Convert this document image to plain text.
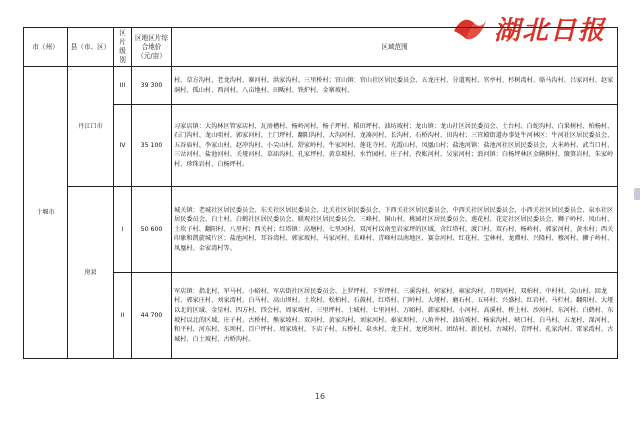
湖北日报
市（州）	县（市、区）	区片级别	区地区片综合地价（元/亩）	区域范围
十堰市	丹江口市	III	39 300	村、草方沟村、老龙沟村、寨河村、洪家沟村、三里桥村；官山镇：官山社区居民委员会、五龙庄村、分道观村、官亭村、杉树湾村、骆马沟村、吕家河村、赵家洞村、孤山村、西河村、八亩地村、田畈村、铁炉村、金寨坡村。
		IV	35 100	习家店镇：大沟林区管家店村、瓦房槽村、杨岭河村、杨子坪村、稻田坪村、油坊坡村；龙山镇：龙山社区居民委员会、土台村、白蛇沟村、白果树村、柏杨村、石门沟村、龙山咀村、郭家河村、土门坪村、翻阳沟村、大沟河村、龙凑河村、长沟村、石桥沟村、田沟村；三官殿街道办事处牛河林区：牛河社区居民委员会、五谷庙村、李家山村、赵冲沟村、小尖山村、舒家岭村、牛家河村、莲花寺村、光霞山村、凤凰山村；盐池河镇：盐池河社区居民委员会、大米岭村、武当口村、三岔河村、盐池河村、关垭河村、草庙沟村、孔家坪村、黄草坡村、水竹园村、庄子村、孜帐河村、吴家河村；浪河镇：白杨坪林区金鳝树村、簸箕岩村、朱家岭村、珍珠岩村、白杨坪村。
	房县	I	50 600	城关镇：老城社区居民委员会、东关社区居民委员会、北关社区居民委员会、下西关社区居民委员会、中西关社区居民委员会、小西关社区居民委员会、泉水社区居民委员会、白土村、白鹤社区居民委员会、联观社区居民委员会、三峰村、铜山村、桃园社区居民委员会、莲花村、花定社区居民委员会、狮子岭村、凤山村、土坎子村、翻阳村、八里村；西关村；红塔镇：高塘村、七里河村、双河村以南至岩家坪的区域，含红塔村、渡口村、双石村、杨岭村、郭家河村、黄水村；西关印象和凯旋城片区；盐池河村、耳谷湾村、郭家坡村、马家河村、长峰村、青峰村以南地区、赛金河村、红花村、宝林村、龙潭村、兴隆村、穆河村、狮子岭村、凤凰村、金家湾村等。
		II	44 700	军店镇：指北村、军马村、小峪村、军店街社区居民委员会、上罗坪村、下罗坪村、三溪沟村、何家村、雍家沟村、月明河村、双柏村、中村村、尖山村、回龙村、郭家庄村、刘家湾村、白马村、高山坝村、土坎村、松柏村、石鼓村、红塔村、门岭村、大垭村、磨石村、五环村、兴盛村、红岩村、马栏村、翻阳村、大垭以北的区域、金星村、四方村、四会村、周家坡村、三里坪村、土城村、七里河村、万峪村、韩家坡村、小河村、高溪村、桥上村、沙河村、东河村、白鹤村、东坡村以北的区域、庄子村、古桥村、熊家坡村、双河村、黄家沟村、刘家河村、秦家坝村、八角井村、油坊坡村、杨家沟村、峡口村、白马村、五龙村、深河村、和平村、河东村、东坝村、百户坪村、周家坡村、下店子村、五桥村、泉水村、龙王村、龙尾坝村、团结村、新民村、古城村、青坪村、孔家沟村、雷家湾村、古城村、白土坡村、古桥沟村。
16
